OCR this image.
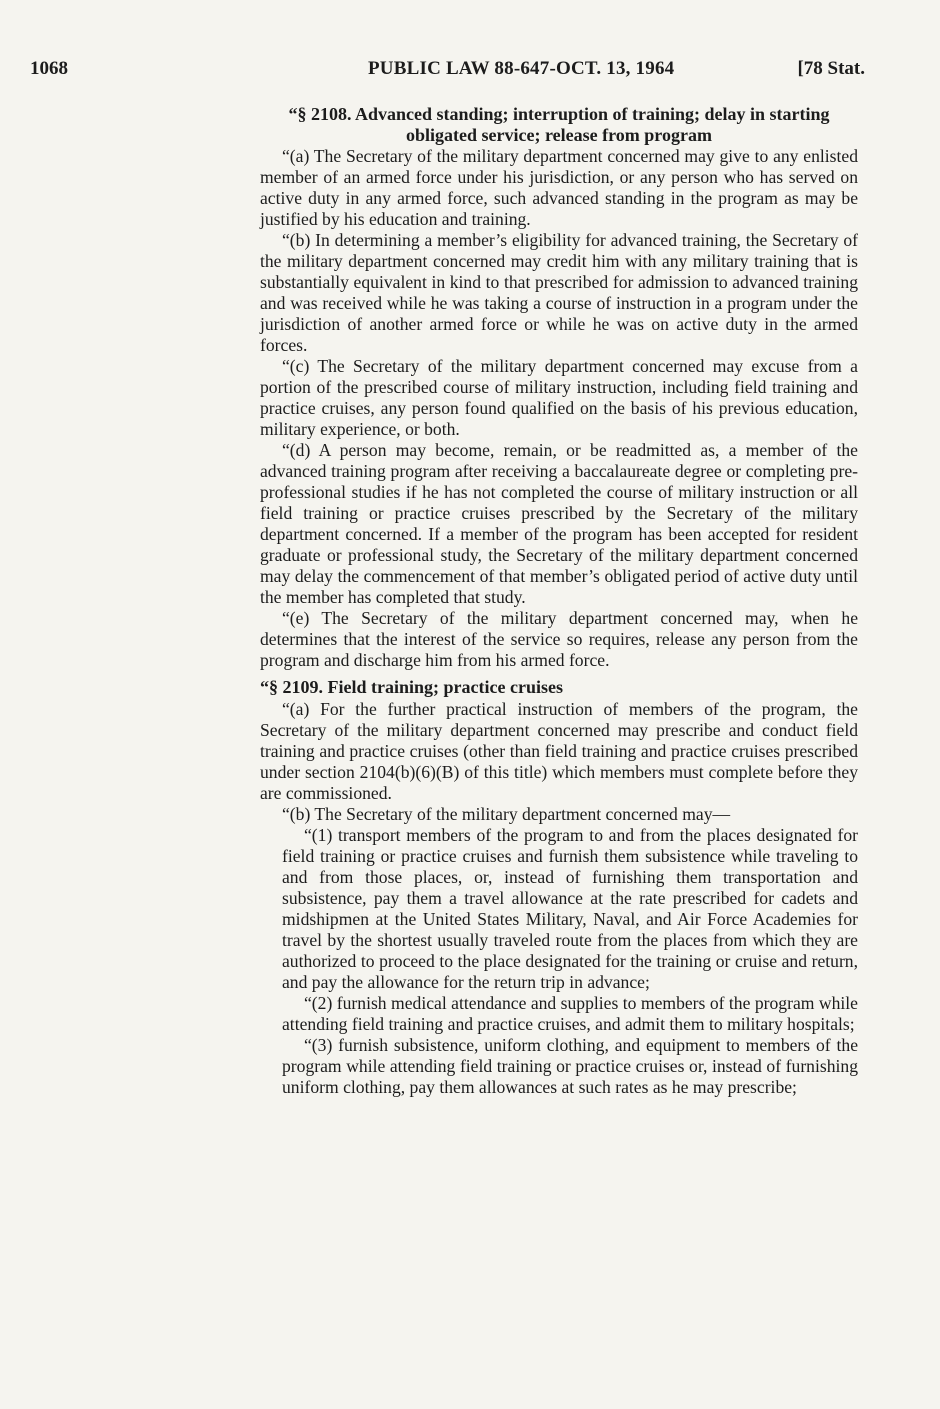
1068	PUBLIC LAW 88-647-OCT. 13, 1964	[78 Stat.
“§ 2108. Advanced standing; interruption of training; delay in starting obligated service; release from program

“(a) The Secretary of the military department concerned may give to any enlisted member of an armed force under his jurisdiction, or any person who has served on active duty in any armed force, such advanced standing in the program as may be justified by his education and training.

“(b) In determining a member’s eligibility for advanced training, the Secretary of the military department concerned may credit him with any military training that is substantially equivalent in kind to that prescribed for admission to advanced training and was received while he was taking a course of instruction in a program under the jurisdiction of another armed force or while he was on active duty in the armed forces.

“(c) The Secretary of the military department concerned may excuse from a portion of the prescribed course of military instruction, including field training and practice cruises, any person found qualified on the basis of his previous education, military experience, or both.

“(d) A person may become, remain, or be readmitted as, a member of the advanced training program after receiving a baccalaureate degree or completing pre-professional studies if he has not completed the course of military instruction or all field training or practice cruises prescribed by the Secretary of the military department concerned. If a member of the program has been accepted for resident graduate or professional study, the Secretary of the military department concerned may delay the commencement of that member’s obligated period of active duty until the member has completed that study.

“(e) The Secretary of the military department concerned may, when he determines that the interest of the service so requires, release any person from the program and discharge him from his armed force.

“§ 2109. Field training; practice cruises

“(a) For the further practical instruction of members of the program, the Secretary of the military department concerned may prescribe and conduct field training and practice cruises (other than field training and practice cruises prescribed under section 2104(b)(6)(B) of this title) which members must complete before they are commissioned.

“(b) The Secretary of the military department concerned may—

“(1) transport members of the program to and from the places designated for field training or practice cruises and furnish them subsistence while traveling to and from those places, or, instead of furnishing them transportation and subsistence, pay them a travel allowance at the rate prescribed for cadets and midshipmen at the United States Military, Naval, and Air Force Academies for travel by the shortest usually traveled route from the places from which they are authorized to proceed to the place designated for the training or cruise and return, and pay the allowance for the return trip in advance;

“(2) furnish medical attendance and supplies to members of the program while attending field training and practice cruises, and admit them to military hospitals;

“(3) furnish subsistence, uniform clothing, and equipment to members of the program while attending field training or practice cruises or, instead of furnishing uniform clothing, pay them allowances at such rates as he may prescribe;
